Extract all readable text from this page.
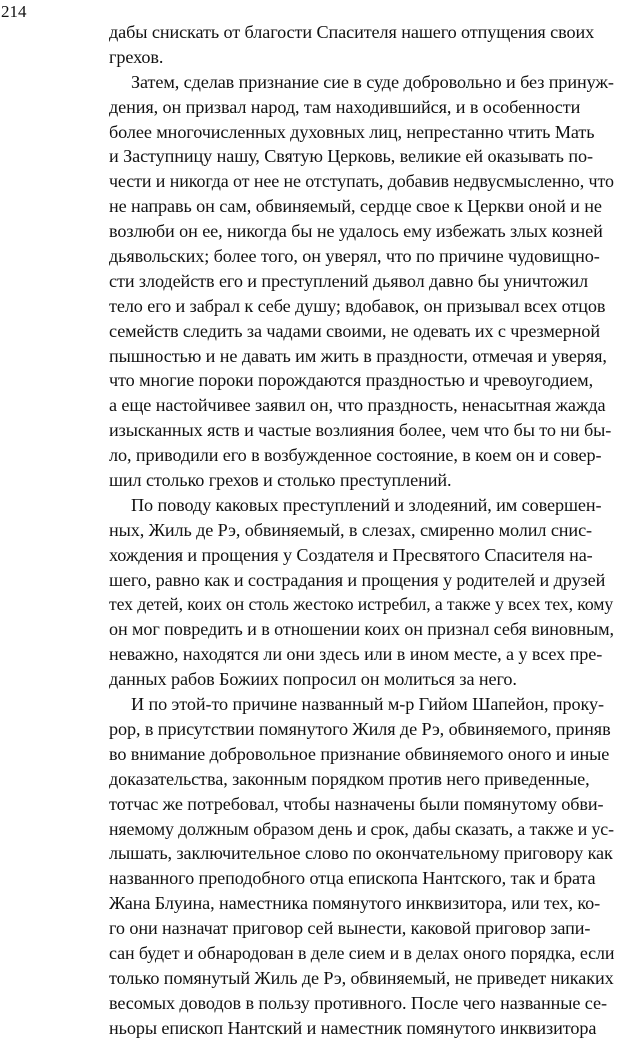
214
дабы снискать от благости Спасителя нашего отпущения своих
грехов.
Затем, сделав признание сие в суде добровольно и без принуж-
дения, он призвал народ, там находившийся, и в особенности
более многочисленных духовных лиц, непрестанно чтить Мать
и Заступницу нашу, Святую Церковь, великие ей оказывать по-
чести и никогда от нее не отступать, добавив недвусмысленно, что
не направь он сам, обвиняемый, сердце свое к Церкви оной и не
возлюби он ее, никогда бы не удалось ему избежать злых козней
дьявольских; более того, он уверял, что по причине чудовищно-
сти злодейств его и преступлений дьявол давно бы уничтожил
тело его и забрал к себе душу; вдобавок, он призывал всех отцов
семейств следить за чадами своими, не одевать их с чрезмерной
пышностью и не давать им жить в праздности, отмечая и уверяя,
что многие пороки порождаются праздностью и чревоугодием,
а еще настойчивее заявил он, что праздность, ненасытная жажда
изысканных яств и частые возлияния более, чем что бы то ни бы-
ло, приводили его в возбужденное состояние, в коем он и совер-
шил столько грехов и столько преступлений.
По поводу каковых преступлений и злодеяний, им совершен-
ных, Жиль де Рэ, обвиняемый, в слезах, смиренно молил снис-
хождения и прощения у Создателя и Пресвятого Спасителя на-
шего, равно как и сострадания и прощения у родителей и друзей
тех детей, коих он столь жестоко истребил, а также у всех тех, кому
он мог повредить и в отношении коих он признал себя виновным,
неважно, находятся ли они здесь или в ином месте, а у всех пре-
данных рабов Божиих попросил он молиться за него.
И по этой-то причине названный м-р Гийом Шапейон, проку-
рор, в присутствии помянутого Жиля де Рэ, обвиняемого, приняв
во внимание добровольное признание обвиняемого оного и иные
доказательства, законным порядком против него приведенные,
тотчас же потребовал, чтобы назначены были помянутому обви-
няемому должным образом день и срок, дабы сказать, а также и ус-
лышать, заключительное слово по окончательному приговору как
названного преподобного отца епископа Нантского, так и брата
Жана Блуина, наместника помянутого инквизитора, или тех, ко-
го они назначат приговор сей вынести, каковой приговор запи-
сан будет и обнародован в деле сием и в делах оного порядка, если
только помянутый Жиль де Рэ, обвиняемый, не приведет никаких
весомых доводов в пользу противного. После чего названные се-
ньоры епископ Нантский и наместник помянутого инквизитора
